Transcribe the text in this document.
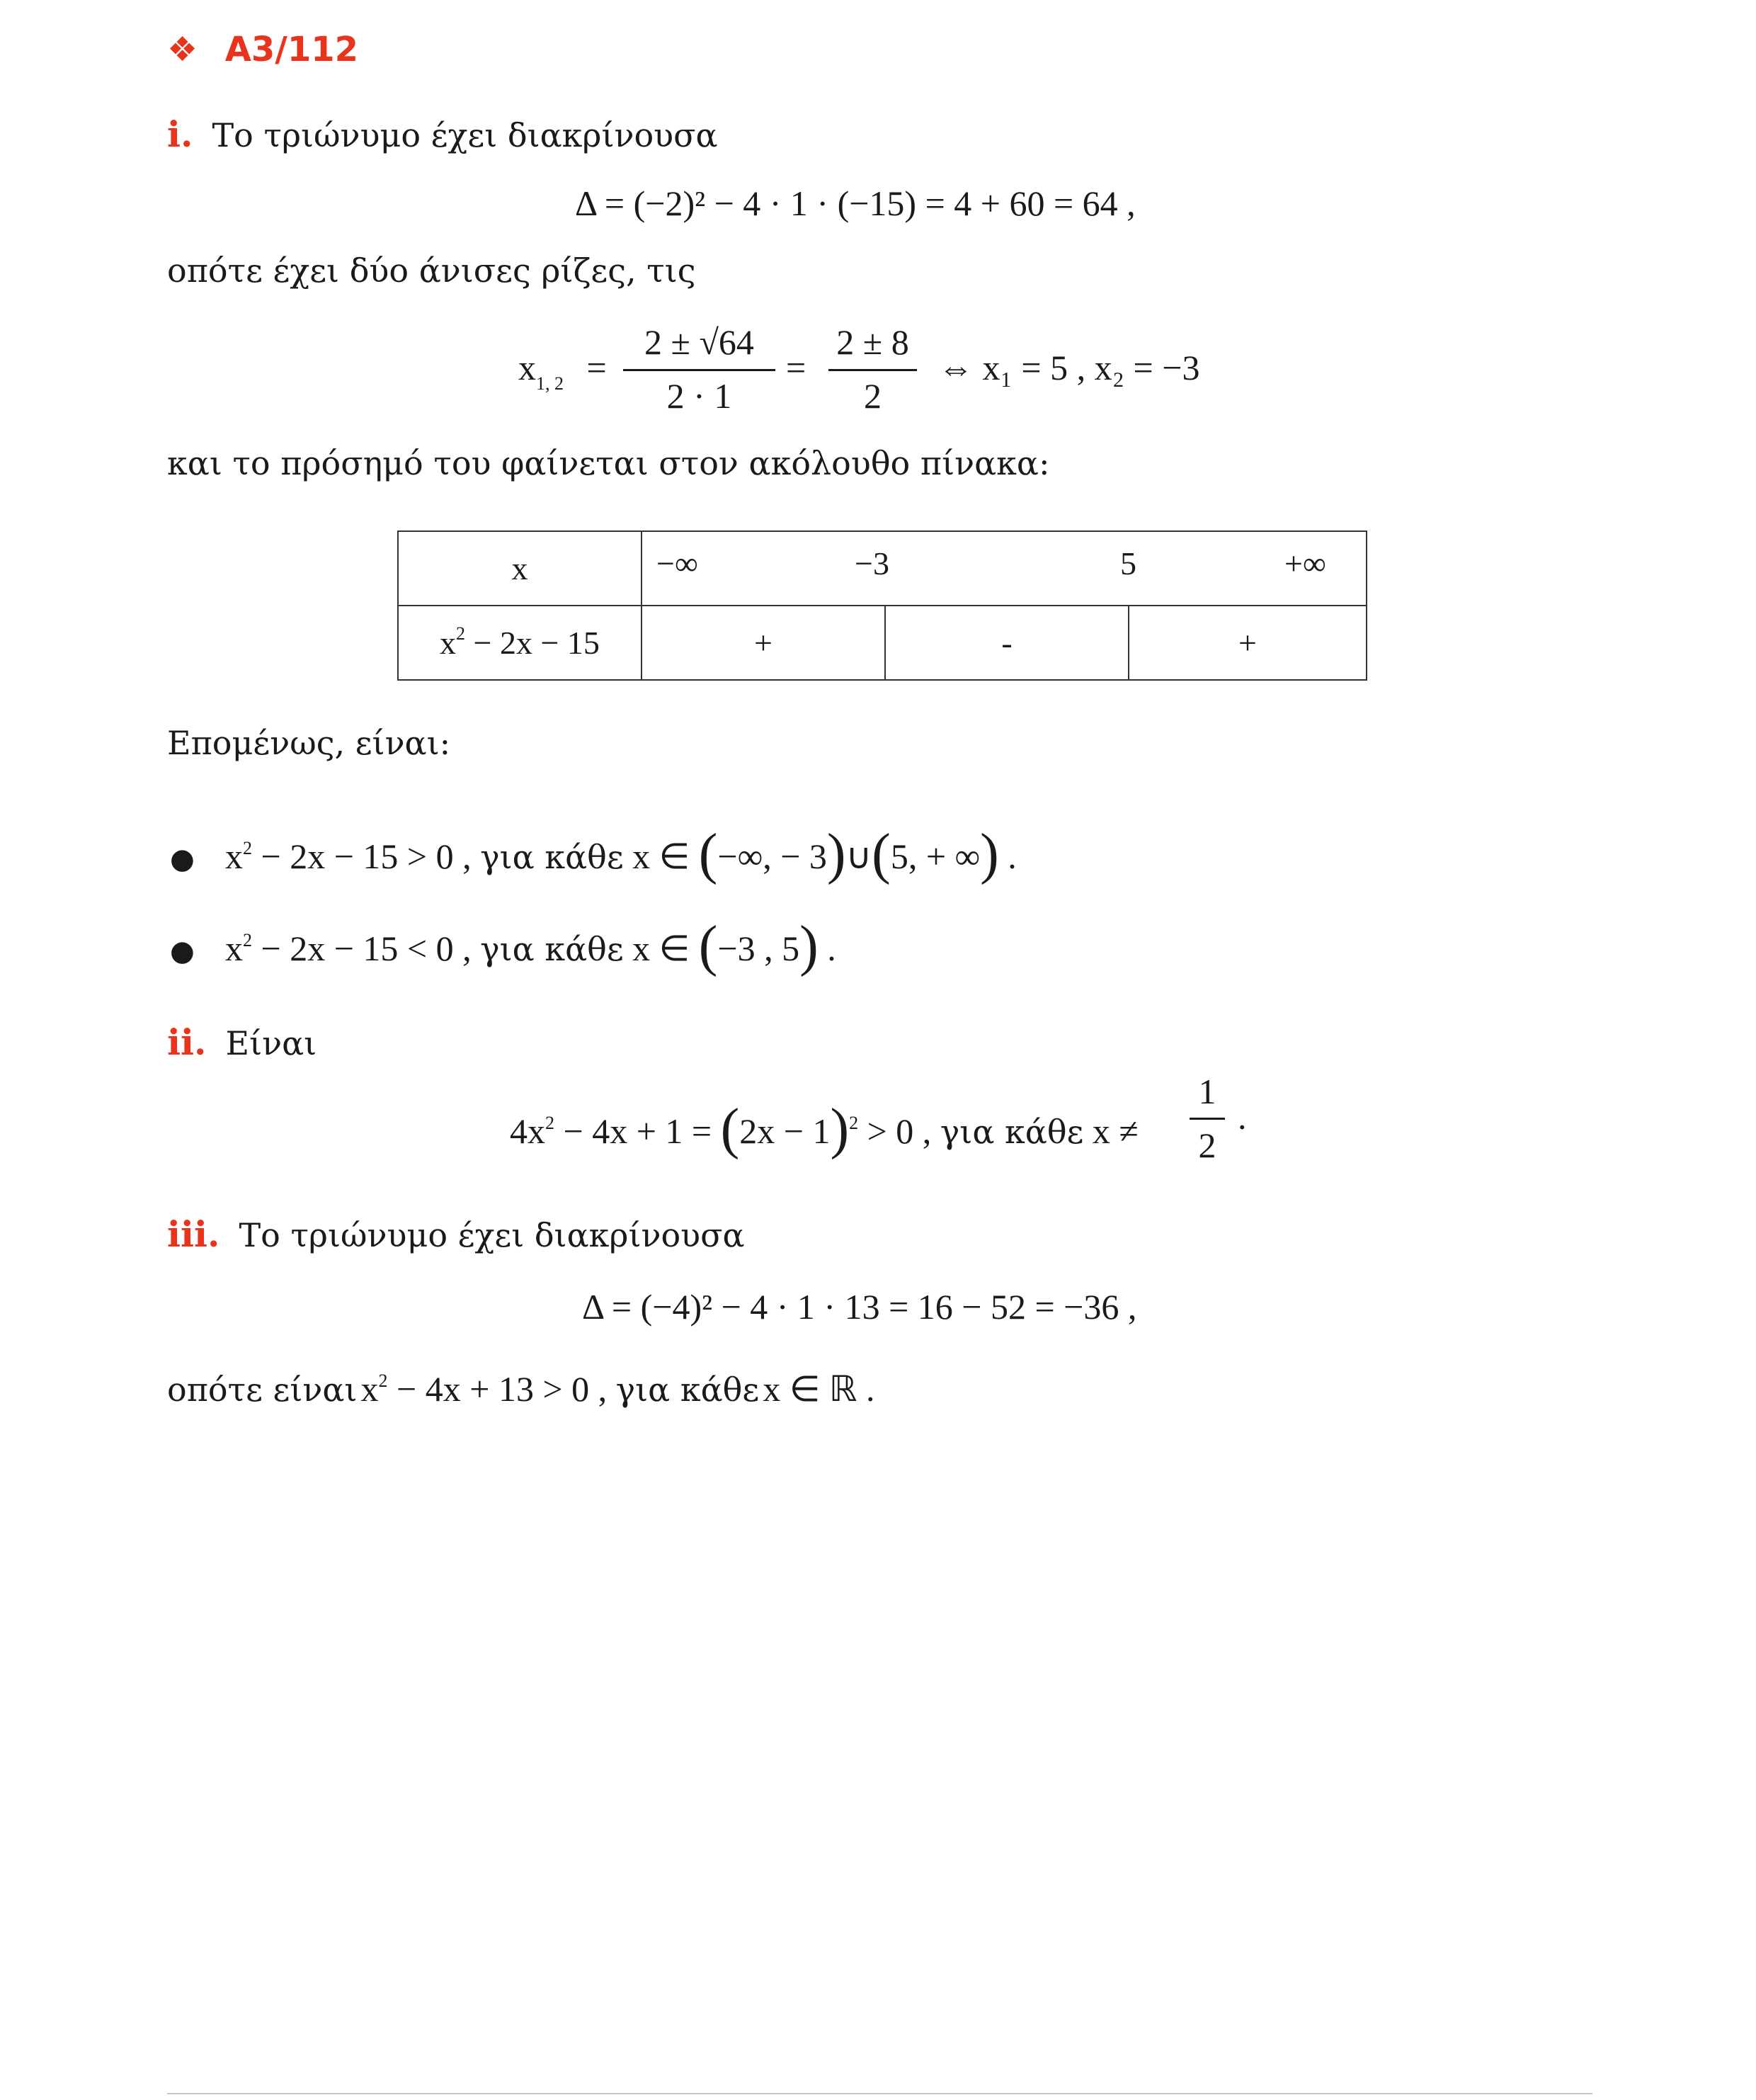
❖ A3/112
i. Το τριώνυμο έχει διακρίνουσα
Δ = (−2)² − 4 · 1 · (−15) = 4 + 60 = 64 ,
οπότε έχει δύο άνισες ρίζες, τις
$x_{1, 2}$ =
2 ± √64
2 · 1
=
2 ± 8
2
⇔ x₁ = 5 , x₂ = −3
και το πρόσημό του φαίνεται στον ακόλουθο πίνακα:
x	−∞ −3 5 +∞		

$x^2 - 2x - 15$	+	-	+
Επομένως, είναι:
● $x^2 - 2x - 15 > 0$ , για κάθε x ∈ (−∞, − 3)∪(5, + ∞) .
● $x^2 - 2x - 15 < 0$ , για κάθε x ∈ (−3 , 5) .
ii. Είναι
$4x^2 - 4x + 1 = (2x - 1)^2 > 0$ , για κάθε x ≠
1
2
.
iii. Το τριώνυμο έχει διακρίνουσα
Δ = (−4)² − 4 · 1 · 13 = 16 − 52 = −36 ,
οπότε είναι $x^2 - 4x + 13 > 0$ , για κάθε x ∈ ℝ .
